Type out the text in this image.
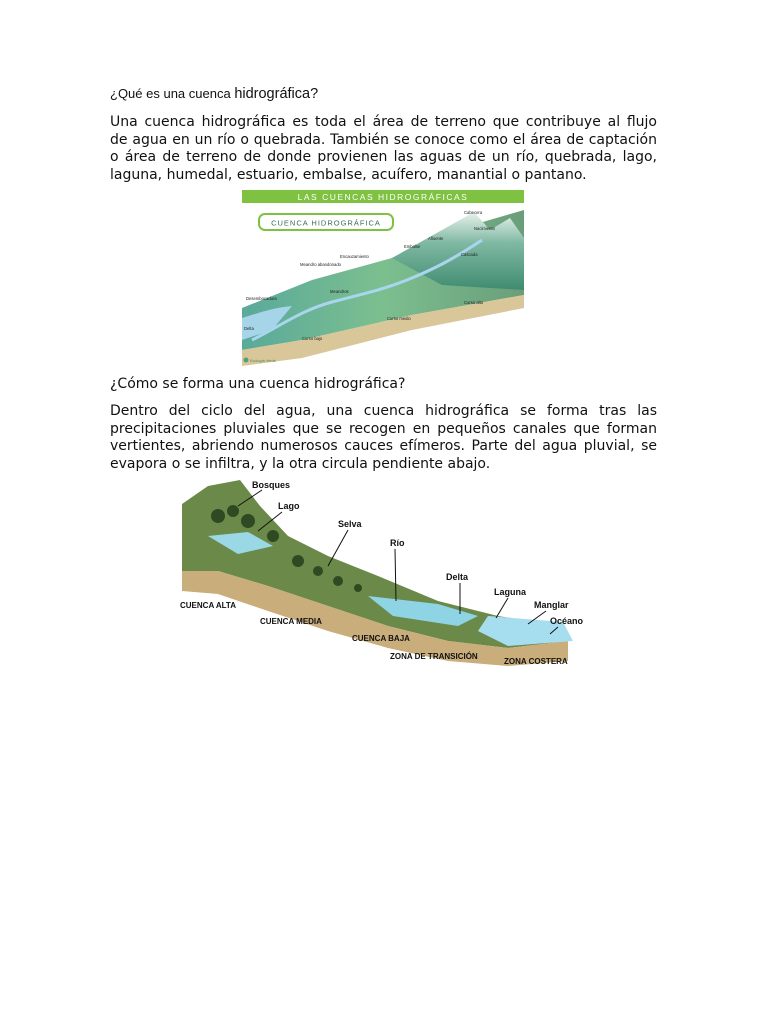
¿Qué es una cuenca hidrográfica?
Una cuenca hidrográfica es toda el área de terreno que contribuye al flujo
de agua en un río o quebrada. También se conoce como el área de captación
o área de terreno de donde provienen las aguas de un río, quebrada, lago,
laguna, humedal, estuario, embalse, acuífero, manantial o pantano.
LAS CUENCAS HIDROGRÁFICAS
CUENCA HIDROGRÁFICA
Cabecera
Nacimiento
Afluente
Embalse
Cascada
Encauzamiento
Meandro abandonado
Meandros
Desembocadura
Delta
Curso bajo
Curso medio
Curso alto
Ecología Verde
¿Cómo se forma una cuenca hidrográfica?
Dentro del ciclo del agua, una cuenca hidrográfica se forma tras las
precipitaciones pluviales que se recogen en pequeños canales que forman
vertientes, abriendo numerosos cauces efímeros. Parte del agua pluvial, se
evapora o se infiltra, y la otra circula pendiente abajo.
Bosques
Lago
Selva
Río
Delta
Laguna
Manglar
Océano
CUENCA ALTA
CUENCA MEDIA
CUENCA BAJA
ZONA DE TRANSICIÓN
ZONA COSTERA
